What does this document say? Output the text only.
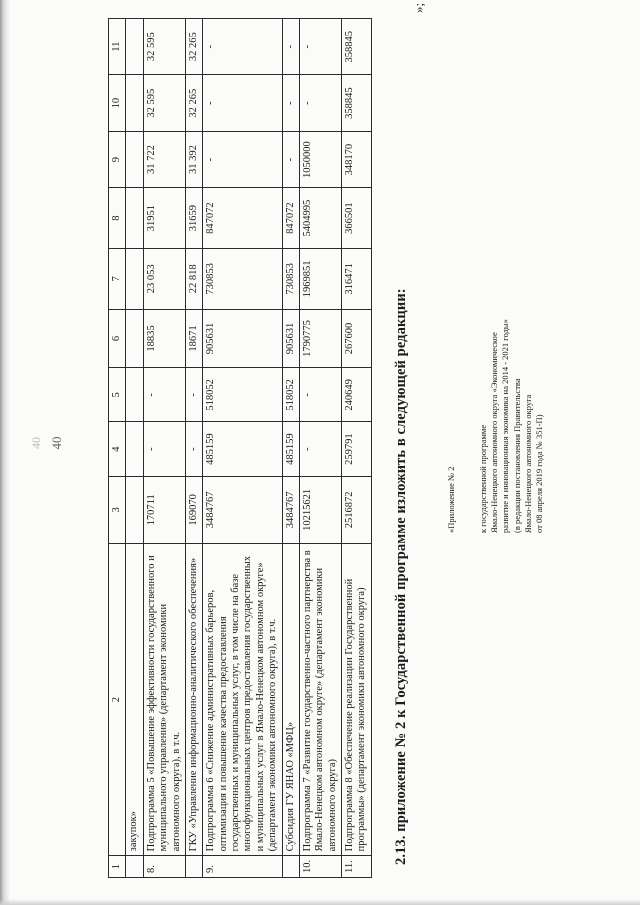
40 40
1	2	3	4	5	6	7	8	9	10	11
	закупок»									
8.	Подпрограмма 5 «Повышение эффективности государственного и муниципального управления» (департамент экономики автономного округа), в т.ч.	170711	-	-	18835	23 053	31951	31 722	32 595	32 595
	ГКУ «Управление информационно-аналитического обеспечения»	169070	-	-	18671	22 818	31659	31 392	32 265	32 265
9.	Подпрограмма 6 «Снижение административных барьеров, оптимизация и повышение качества предоставления государственных и муниципальных услуг, в том числе на базе многофункциональных центров предоставления государственных и муниципальных услуг в Ямало-Ненецком автономном округе» (департамент экономики автономного округа), в т.ч.	3484767	485159	518052	905631	730853	847072	-	-	-
	Субсидия ГУ ЯНАО «МФЦ»	3484767	485159	518052	905631	730853	847072	-	-	-
10.	Подпрограмма 7 «Развитие государственно-частного партнерства в Ямало-Ненецком автономном округе» (департамент экономики автономного округа)	10215621	-	-	1790775	1969851	5404995	1050000	-	-
11.	Подпрограмма 8 «Обеспечение реализации Государственной программы» (департамент экономики автономного округа)	2516872	259791	240649	267600	316471	366501	348170	358845	358845
»;
2.13. приложение № 2 к Государственной программе изложить в следующей редакции:	«Приложение № 2	к государственной программе Ямало-Ненецкого автономного округа «Экономическое развитие и инновационная экономика на 2014 - 2021 годы» (в редакции постановления Правительства Ямало-Ненецкого автономного округа от 08 апреля 2019 года № 351-П)
